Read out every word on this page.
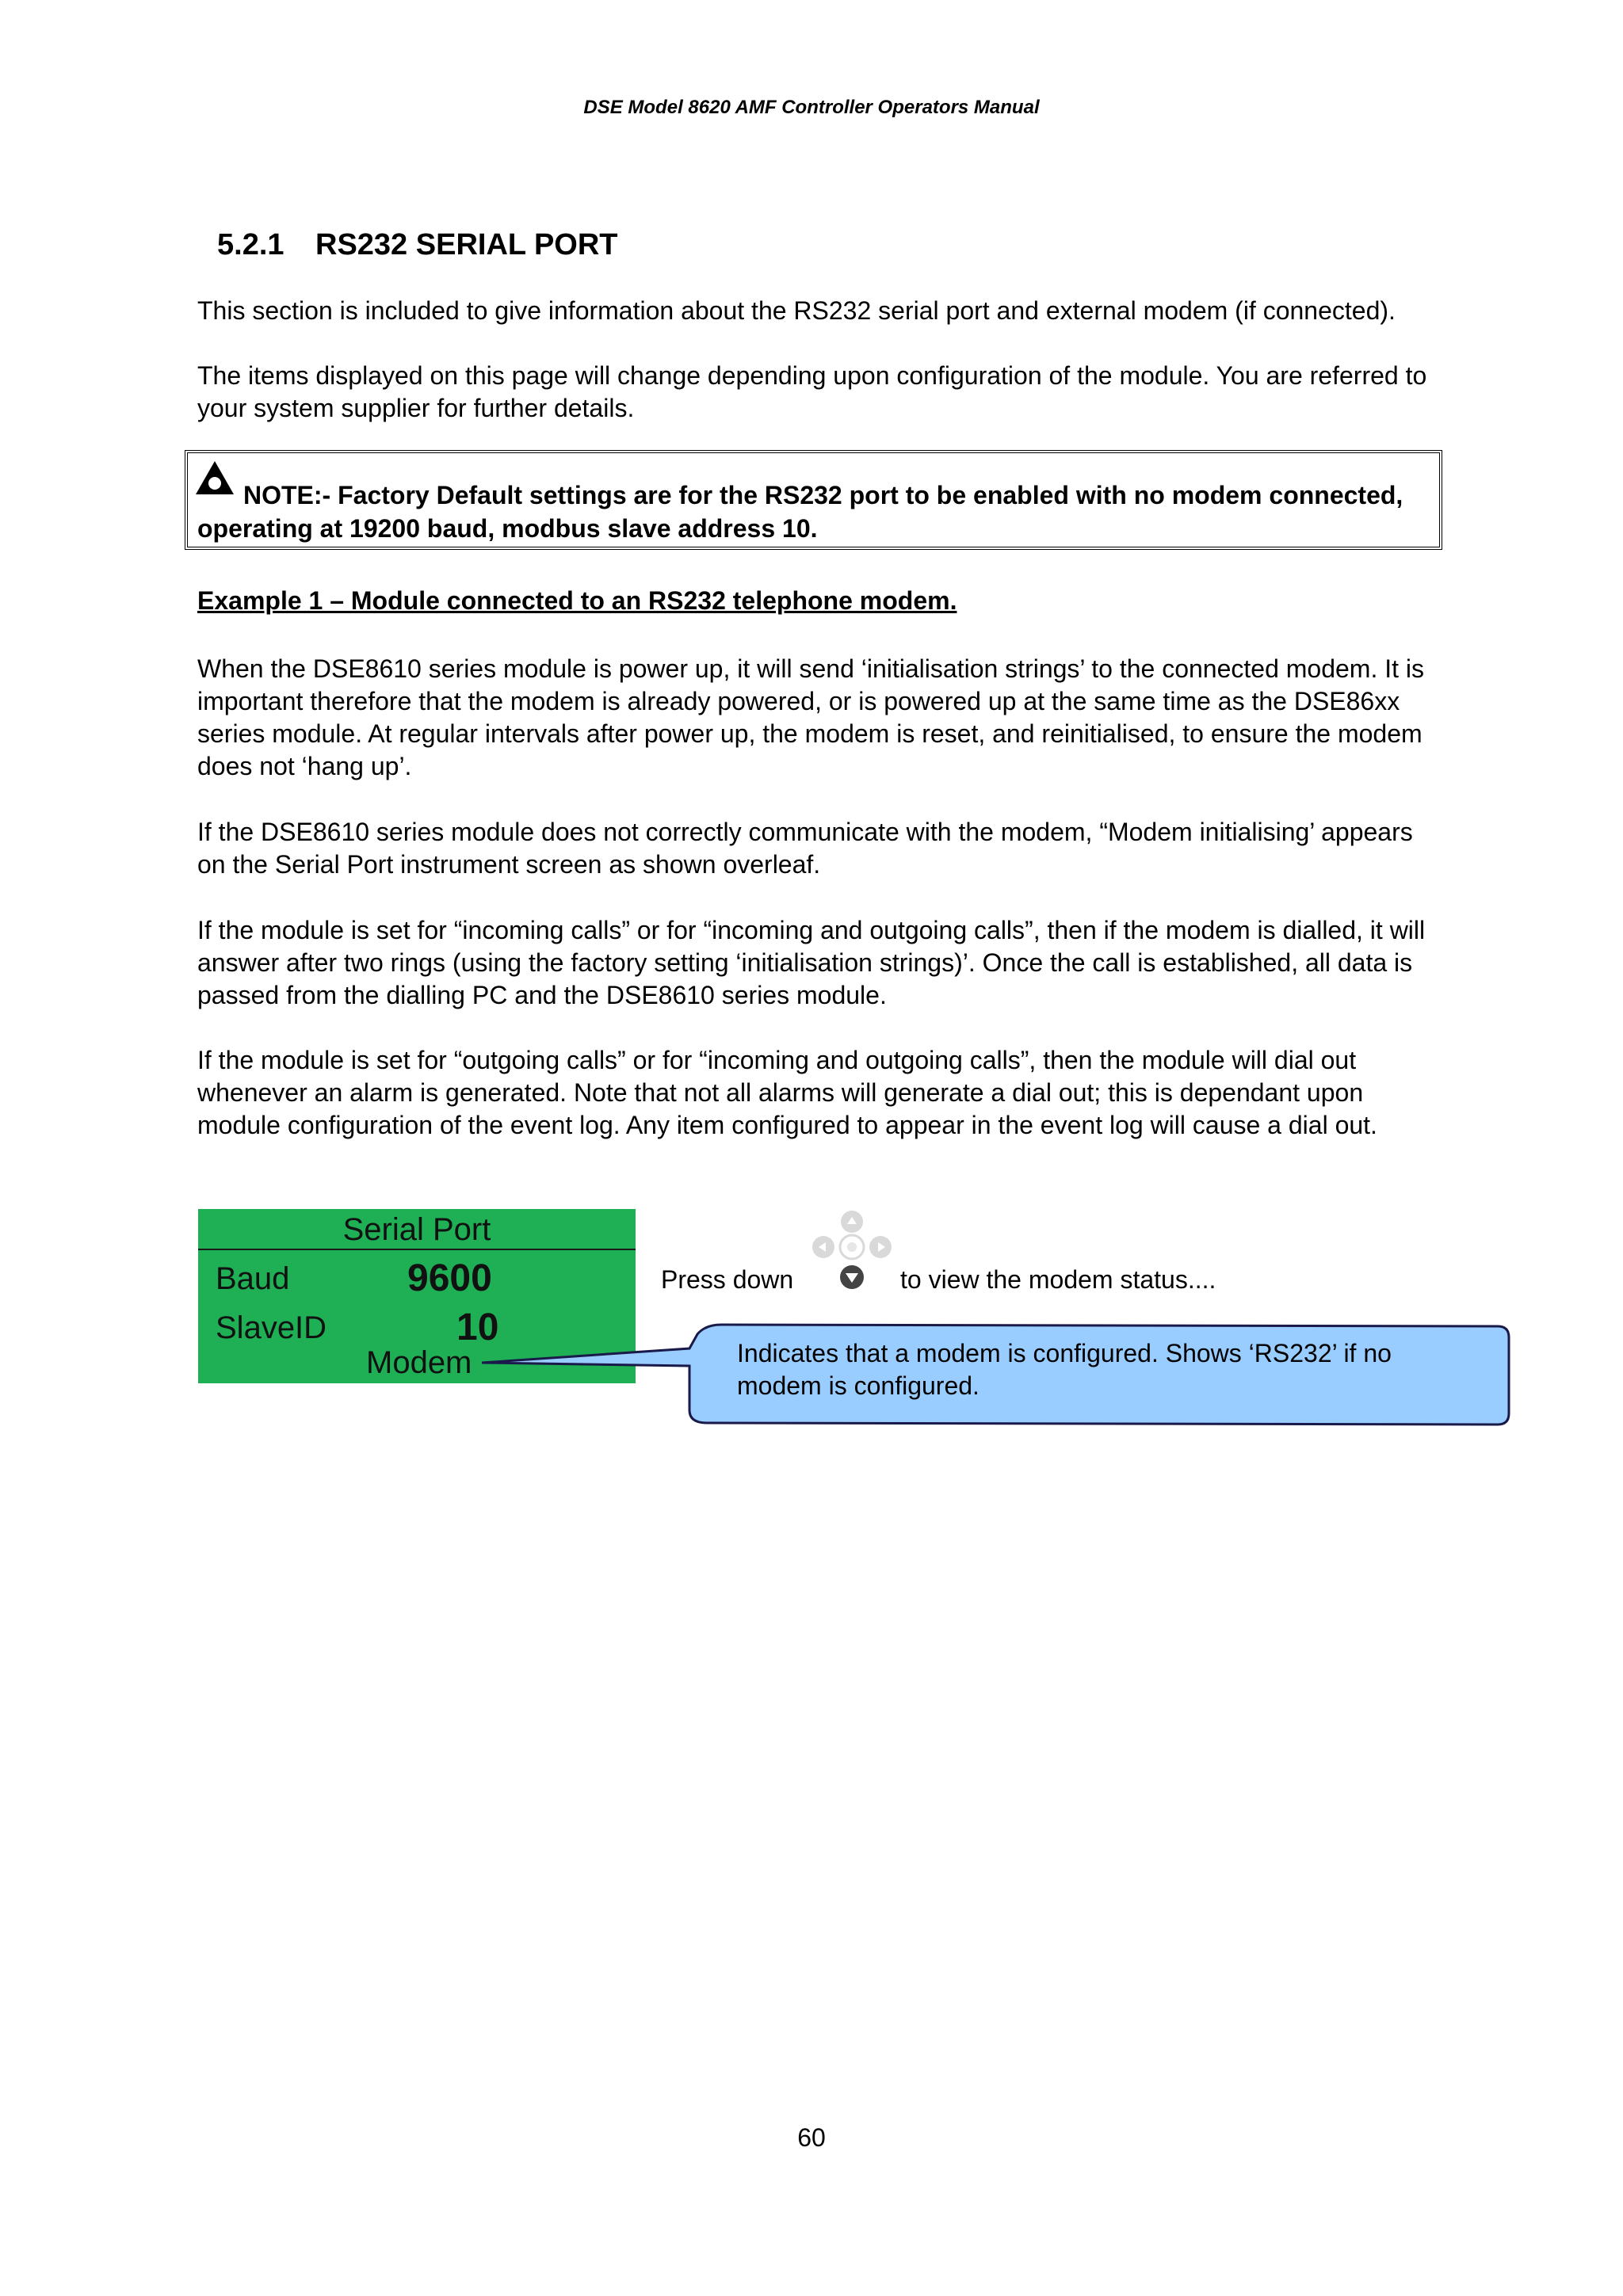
DSE Model 8620 AMF Controller Operators Manual

5.2.1 RS232 SERIAL PORT

This section is included to give information about the RS232 serial port and external modem (if connected).

The items displayed on this page will change depending upon configuration of the module. You are referred to your system supplier for further details.

NOTE:- Factory Default settings are for the RS232 port to be enabled with no modem connected, operating at 19200 baud, modbus slave address 10.

Example 1 – Module connected to an RS232 telephone modem.

When the DSE8610 series module is power up, it will send ‘initialisation strings’ to the connected modem. It is important therefore that the modem is already powered, or is powered up at the same time as the DSE86xx series module. At regular intervals after power up, the modem is reset, and reinitialised, to ensure the modem does not ‘hang up’.

If the DSE8610 series module does not correctly communicate with the modem, “Modem initialising’ appears on the Serial Port instrument screen as shown overleaf.

If the module is set for “incoming calls” or for “incoming and outgoing calls”, then if the modem is dialled, it will answer after two rings (using the factory setting ‘initialisation strings)’. Once the call is established, all data is passed from the dialling PC and the DSE8610 series module.

If the module is set for “outgoing calls” or for “incoming and outgoing calls”, then the module will dial out whenever an alarm is generated. Note that not all alarms will generate a dial out; this is dependant upon module configuration of the event log. Any item configured to appear in the event log will cause a dial out.

Serial Port
Baud	9600
SlaveID	10
Modem

Press down	to view the modem status....

Indicates that a modem is configured. Shows ‘RS232’ if no modem is configured.

60
